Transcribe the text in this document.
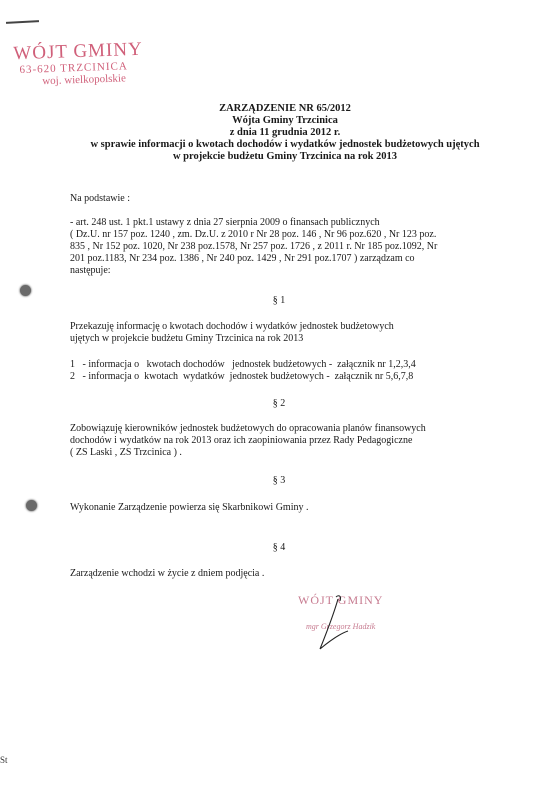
St
WÓJT GMINY
63-620 TRZCINICA
woj. wielkopolskie
ZARZĄDZENIE NR 65/2012
Wójta Gminy Trzcinica
z dnia 11 grudnia 2012 r.
w sprawie informacji o kwotach dochodów i wydatków jednostek budżetowych ujętych
w projekcie budżetu Gminy Trzcinica na rok 2013
Na podstawie :
- art. 248 ust. 1 pkt.1 ustawy z dnia 27 sierpnia 2009 o finansach publicznych
( Dz.U. nr 157 poz. 1240 , zm. Dz.U. z 2010 r Nr 28 poz. 146 , Nr 96 poz.620 , Nr 123 poz.
835 , Nr 152 poz. 1020, Nr 238 poz.1578, Nr 257 poz. 1726 , z 2011 r. Nr 185 poz.1092, Nr
201 poz.1183, Nr 234 poz. 1386 , Nr 240 poz. 1429 , Nr 291 poz.1707 ) zarządzam co
następuje:
§ 1
Przekazuję informację o kwotach dochodów i wydatków jednostek budżetowych
ujętych w projekcie budżetu Gminy Trzcinica na rok 2013
1   - informacja o   kwotach dochodów   jednostek budżetowych -  załącznik nr 1,2,3,4
2   - informacja o  kwotach  wydatków  jednostek budżetowych -  załącznik nr 5,6,7,8
§ 2
Zobowiązuję kierowników jednostek budżetowych do opracowania planów finansowych
dochodów i wydatków na rok 2013 oraz ich zaopiniowania przez Rady Pedagogiczne
( ZS Laski , ZS Trzcinica ) .
§ 3
Wykonanie Zarządzenie powierza się Skarbnikowi Gminy .
§ 4
Zarządzenie wchodzi w życie z dniem podjęcia .
WÓJT GMINY
mgr Grzegorz Hadzik
